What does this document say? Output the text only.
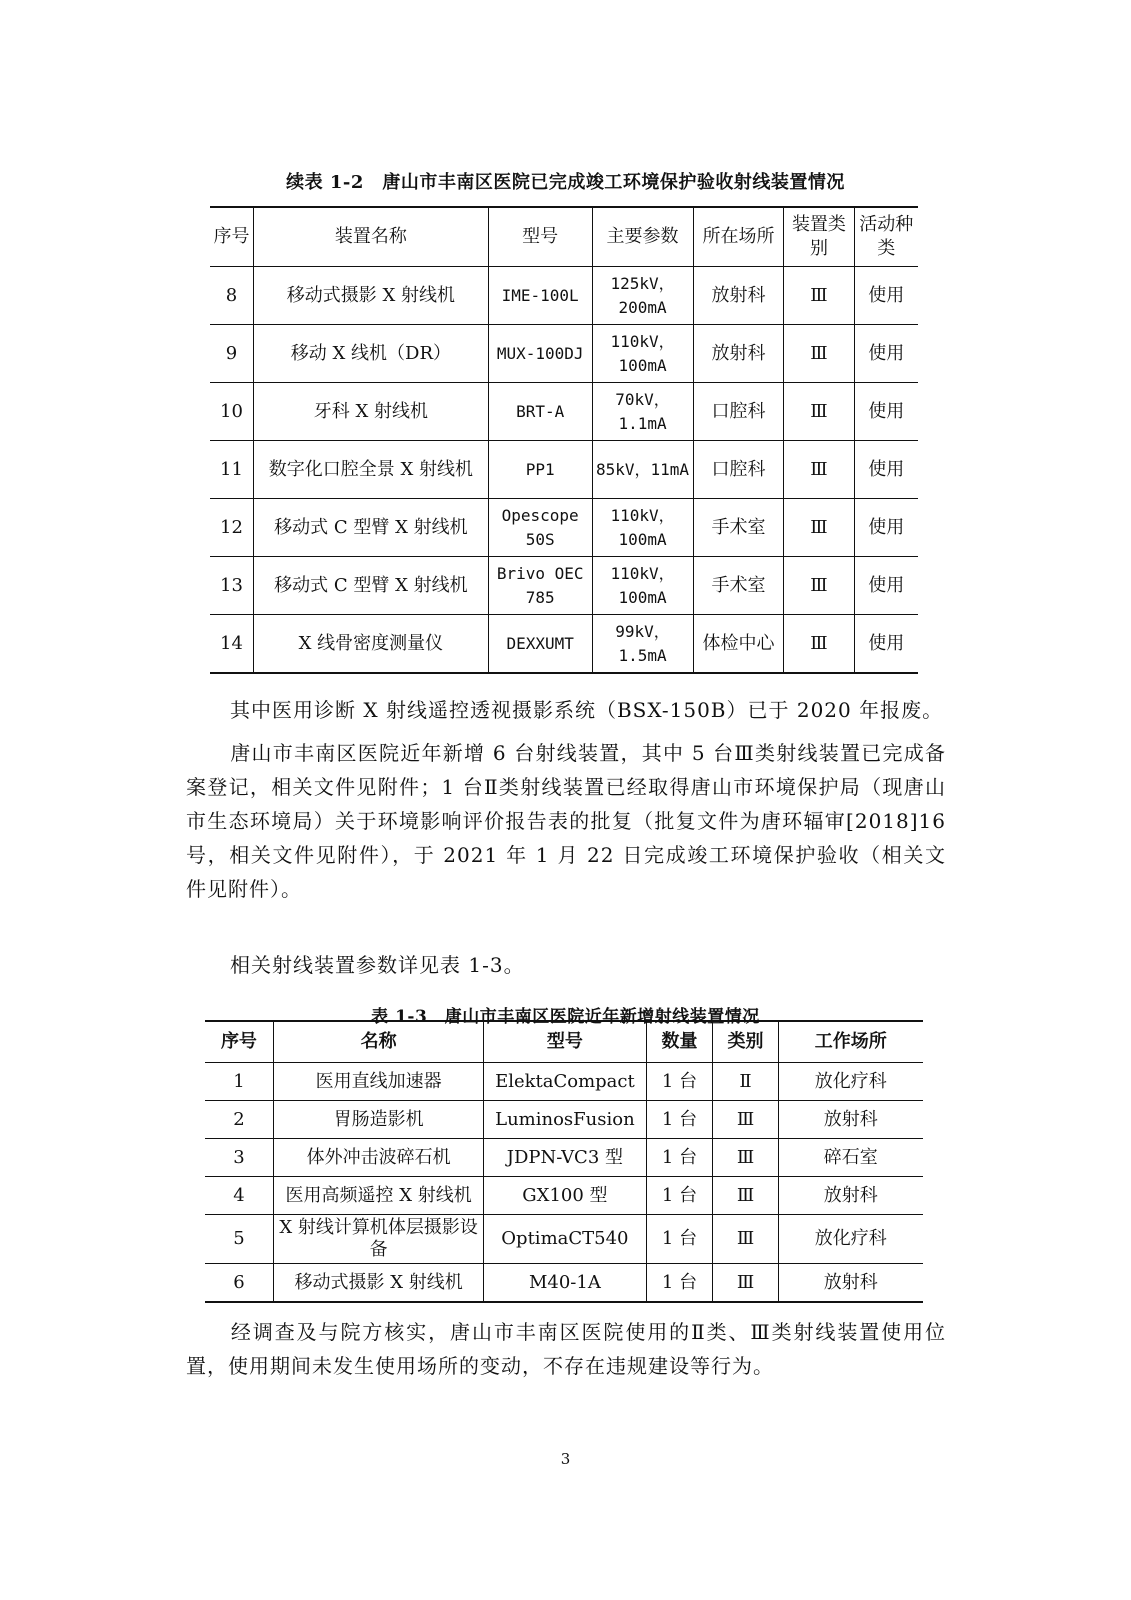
续表 1-2　唐山市丰南区医院已完成竣工环境保护验收射线装置情况
序号	装置名称	型号	主要参数	所在场所	装置类别	活动种类
8	移动式摄影 X 射线机	IME-100L	125kV，200mA	放射科	Ⅲ	使用
9	移动 X 线机（DR）	MUX-100DJ	110kV，100mA	放射科	Ⅲ	使用
10	牙科 X 射线机	BRT-A	70kV，1.1mA	口腔科	Ⅲ	使用
11	数字化口腔全景 X 射线机	PP1	85kV，11mA	口腔科	Ⅲ	使用
12	移动式 C 型臂 X 射线机	Opescope 50S	110kV，100mA	手术室	Ⅲ	使用
13	移动式 C 型臂 X 射线机	Brivo OEC 785	110kV，100mA	手术室	Ⅲ	使用
14	X 线骨密度测量仪	DEXXUMT	99kV，1.5mA	体检中心	Ⅲ	使用
其中医用诊断 X 射线遥控透视摄影系统（BSX-150B）已于 2020 年报废。
唐山市丰南区医院近年新增 6 台射线装置，其中 5 台Ⅲ类射线装置已完成备案登记，相关文件见附件；1 台Ⅱ类射线装置已经取得唐山市环境保护局（现唐山市生态环境局）关于环境影响评价报告表的批复（批复文件为唐环辐审[2018]16 号，相关文件见附件），于 2021 年 1 月 22 日完成竣工环境保护验收（相关文件见附件）。
相关射线装置参数详见表 1-3。
表 1-3　唐山市丰南区医院近年新增射线装置情况
序号	名称	型号	数量	类别	工作场所
1	医用直线加速器	ElektaCompact	1 台	Ⅱ	放化疗科
2	胃肠造影机	LuminosFusion	1 台	Ⅲ	放射科
3	体外冲击波碎石机	JDPN-VC3 型	1 台	Ⅲ	碎石室
4	医用高频遥控 X 射线机	GX100 型	1 台	Ⅲ	放射科
5	X 射线计算机体层摄影设备	OptimaCT540	1 台	Ⅲ	放化疗科
6	移动式摄影 X 射线机	M40-1A	1 台	Ⅲ	放射科
经调查及与院方核实，唐山市丰南区医院使用的Ⅱ类、Ⅲ类射线装置使用位置，使用期间未发生使用场所的变动，不存在违规建设等行为。
3
